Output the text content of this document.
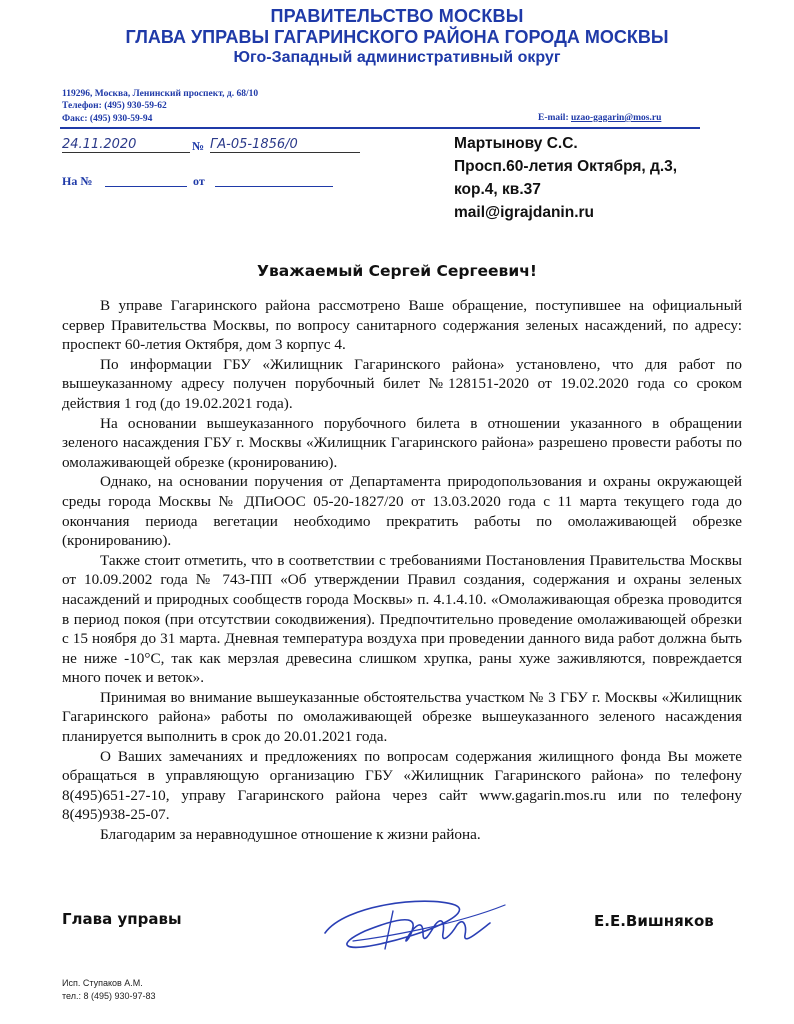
ПРАВИТЕЛЬСТВО МОСКВЫ
ГЛАВА УПРАВЫ ГАГАРИНСКОГО РАЙОНА ГОРОДА МОСКВЫ
Юго-Западный административный округ
119296, Москва, Ленинский проспект, д. 68/10
Телефон: (495) 930-59-62
Факс: (495) 930-59-94	E-mail: uzao-gagarin@mos.ru
24.11.2020	№ ГА-05-1856/0
На №	от
Мартынову С.С.
Просп.60-летия Октября, д.3,
кор.4, кв.37
mail@igrajdanin.ru
Уважаемый Сергей Сергеевич!

В управе Гагаринского района рассмотрено Ваше обращение, поступившее на официальный сервер Правительства Москвы, по вопросу санитарного содержания зеленых насаждений, по адресу: проспект 60-летия Октября, дом 3 корпус 4.

По информации ГБУ «Жилищник Гагаринского района» установлено, что для работ по вышеуказанному адресу получен порубочный билет №128151-2020 от 19.02.2020 года со сроком действия 1 год (до 19.02.2021 года).

На основании вышеуказанного порубочного билета в отношении указанного в обращении зеленого насаждения ГБУ г. Москвы «Жилищник Гагаринского района» разрешено провести работы по омолаживающей обрезке (кронированию).

Однако, на основании поручения от Департамента природопользования и охраны окружающей среды города Москвы № ДПиООС 05-20-1827/20 от 13.03.2020 года с 11 марта текущего года до окончания периода вегетации необходимо прекратить работы по омолаживающей обрезке (кронированию).

Также стоит отметить, что в соответствии с требованиями Постановления Правительства Москвы от 10.09.2002 года № 743-ПП «Об утверждении Правил создания, содержания и охраны зеленых насаждений и природных сообществ города Москвы» п. 4.1.4.10. «Омолаживающая обрезка проводится в период покоя (при отсутствии сокодвижения). Предпочтительно проведение омолаживающей обрезки с 15 ноября до 31 марта. Дневная температура воздуха при проведении данного вида работ должна быть не ниже -10°C, так как мерзлая древесина слишком хрупка, раны хуже заживляются, повреждается много почек и веток».

Принимая во внимание вышеуказанные обстоятельства участком № 3 ГБУ г. Москвы «Жилищник Гагаринского района» работы по омолаживающей обрезке вышеуказанного зеленого насаждения планируется выполнить в срок до 20.01.2021 года.

О Ваших замечаниях и предложениях по вопросам содержания жилищного фонда Вы можете обращаться в управляющую организацию ГБУ «Жилищник Гагаринского района» по телефону 8(495)651-27-10, управу Гагаринского района через сайт www.gagarin.mos.ru или по телефону 8(495)938-25-07.

Благодарим за неравнодушное отношение к жизни района.

Глава управы	Е.Е.Вишняков
Исп. Ступаков А.М.
тел.: 8 (495) 930-97-83
